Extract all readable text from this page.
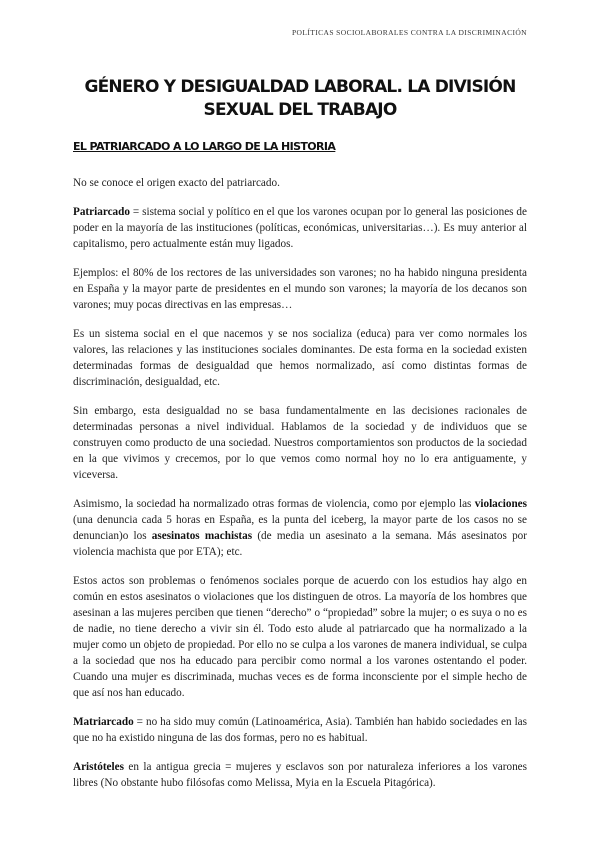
POLÍTICAS SOCIOLABORALES CONTRA LA DISCRIMINACIÓN
GÉNERO Y DESIGUALDAD LABORAL. LA DIVISIÓN SEXUAL DEL TRABAJO
EL PATRIARCADO A LO LARGO DE LA HISTORIA

No se conoce el origen exacto del patriarcado.

Patriarcado = sistema social y político en el que los varones ocupan por lo general las posiciones de poder en la mayoría de las instituciones (políticas, económicas, universitarias…). Es muy anterior al capitalismo, pero actualmente están muy ligados.

Ejemplos: el 80% de los rectores de las universidades son varones; no ha habido ninguna presidenta en España y la mayor parte de presidentes en el mundo son varones; la mayoría de los decanos son varones; muy pocas directivas en las empresas…

Es un sistema social en el que nacemos y se nos socializa (educa) para ver como normales los valores, las relaciones y las instituciones sociales dominantes. De esta forma en la sociedad existen determinadas formas de desigualdad que hemos normalizado, así como distintas formas de discriminación, desigualdad, etc.

Sin embargo, esta desigualdad no se basa fundamentalmente en las decisiones racionales de determinadas personas a nivel individual. Hablamos de la sociedad y de individuos que se construyen como producto de una sociedad. Nuestros comportamientos son productos de la sociedad en la que vivimos y crecemos, por lo que vemos como normal hoy no lo era antiguamente, y viceversa.

Asimismo, la sociedad ha normalizado otras formas de violencia, como por ejemplo las violaciones (una denuncia cada 5 horas en España, es la punta del iceberg, la mayor parte de los casos no se denuncian)o los asesinatos machistas (de media un asesinato a la semana. Más asesinatos por violencia machista que por ETA); etc.

Estos actos son problemas o fenómenos sociales porque de acuerdo con los estudios hay algo en común en estos asesinatos o violaciones que los distinguen de otros. La mayoría de los hombres que asesinan a las mujeres perciben que tienen “derecho” o “propiedad” sobre la mujer; o es suya o no es de nadie, no tiene derecho a vivir sin él. Todo esto alude al patriarcado que ha normalizado a la mujer como un objeto de propiedad. Por ello no se culpa a los varones de manera individual, se culpa a la sociedad que nos ha educado para percibir como normal a los varones ostentando el poder. Cuando una mujer es discriminada, muchas veces es de forma inconsciente por el simple hecho de que así nos han educado.

Matriarcado = no ha sido muy común (Latinoamérica, Asia). También han habido sociedades en las que no ha existido ninguna de las dos formas, pero no es habitual.

Aristóteles en la antigua grecia = mujeres y esclavos son por naturaleza inferiores a los varones libres (No obstante hubo filósofas como Melissa, Myia en la Escuela Pitagórica).
